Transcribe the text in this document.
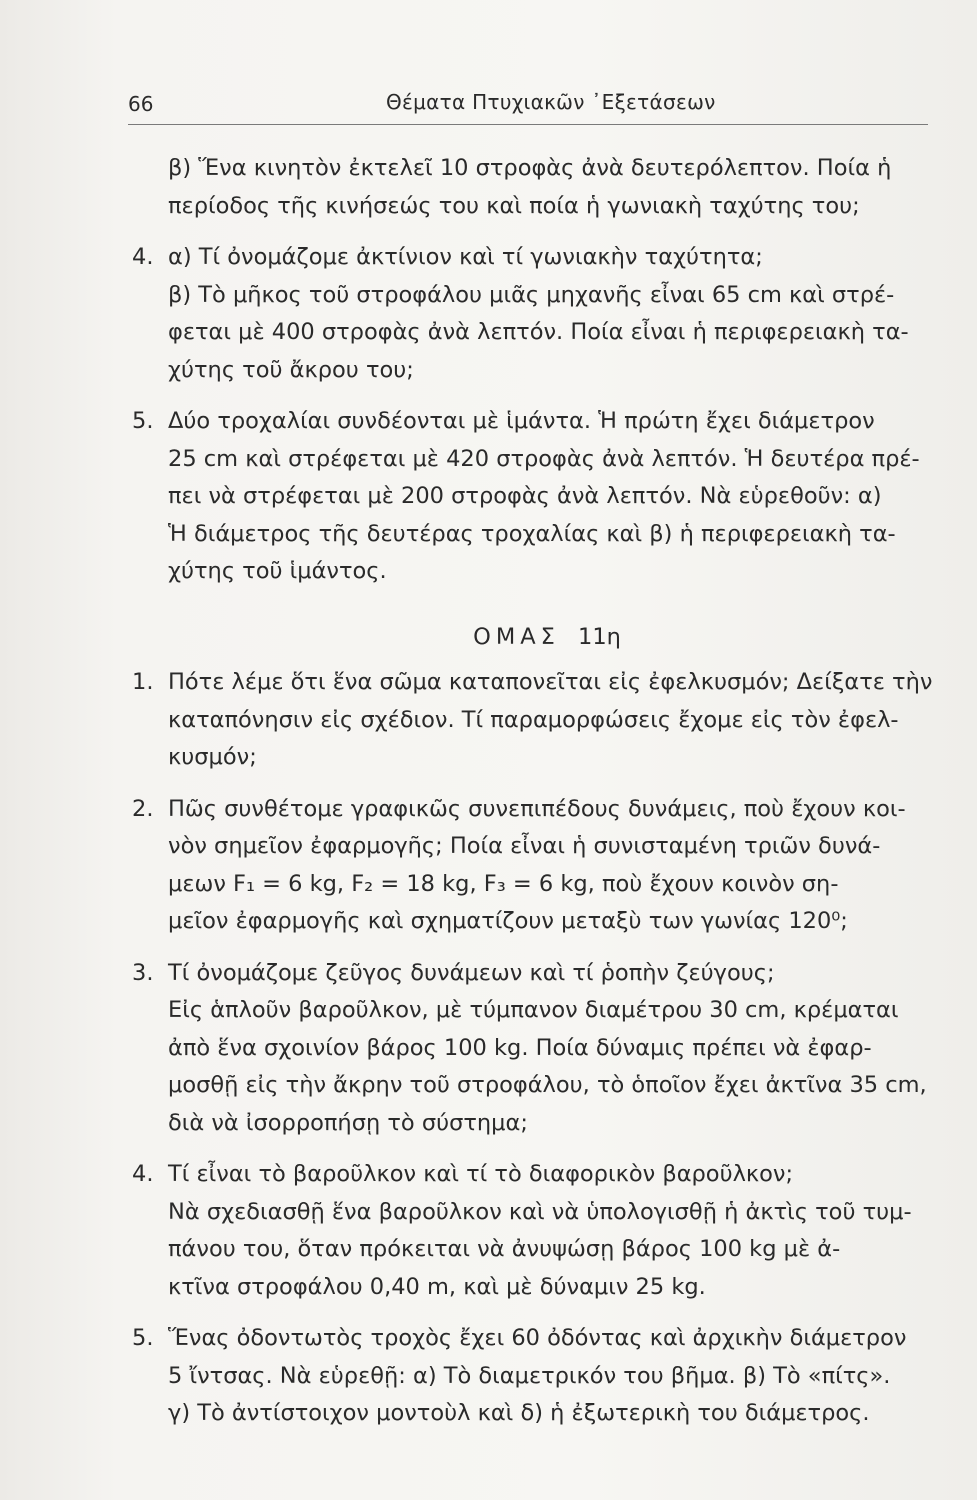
66	Θέματα Πτυχιακῶν ᾿Εξετάσεων
β) Ἕνα κινητὸν ἐκτελεῖ 10 στροφὰς ἀνὰ δευτερόλεπτον. Ποία ἡ
περίοδος τῆς κινήσεώς του καὶ ποία ἡ γωνιακὴ ταχύτης του;
4. α) Τί ὀνομάζομε ἀκτίνιον καὶ τί γωνιακὴν ταχύτητα;
β) Τὸ μῆκος τοῦ στροφάλου μιᾶς μηχανῆς εἶναι 65 cm καὶ στρέ-
φεται μὲ 400 στροφὰς ἀνὰ λεπτόν. Ποία εἶναι ἡ περιφερειακὴ τα-
χύτης τοῦ ἄκρου του;
5. Δύο τροχαλίαι συνδέονται μὲ ἱμάντα. Ἡ πρώτη ἔχει διάμετρον
25 cm καὶ στρέφεται μὲ 420 στροφὰς ἀνὰ λεπτόν. Ἡ δευτέρα πρέ-
πει νὰ στρέφεται μὲ 200 στροφὰς ἀνὰ λεπτόν. Νὰ εὑρεθοῦν: α)
Ἡ διάμετρος τῆς δευτέρας τροχαλίας καὶ β) ἡ περιφερειακὴ τα-
χύτης τοῦ ἱμάντος.
ΟΜΑΣ 11η
1. Πότε λέμε ὅτι ἕνα σῶμα καταπονεῖται εἰς ἐφελκυσμόν; Δείξατε τὴν
καταπόνησιν εἰς σχέδιον. Τί παραμορφώσεις ἔχομε εἰς τὸν ἐφελ-
κυσμόν;
2. Πῶς συνθέτομε γραφικῶς συνεπιπέδους δυνάμεις, ποὺ ἔχουν κοι-
νὸν σημεῖον ἐφαρμογῆς; Ποία εἶναι ἡ συνισταμένη τριῶν δυνά-
μεων F₁ = 6 kg, F₂ = 18 kg, F₃ = 6 kg, ποὺ ἔχουν κοινὸν ση-
μεῖον ἐφαρμογῆς καὶ σχηματίζουν μεταξὺ των γωνίας 120⁰;
3. Τί ὀνομάζομε ζεῦγος δυνάμεων καὶ τί ῥοπὴν ζεύγους;
Εἰς ἁπλοῦν βαροῦλκον, μὲ τύμπανον διαμέτρου 30 cm, κρέμαται
ἀπὸ ἕνα σχοινίον βάρος 100 kg. Ποία δύναμις πρέπει νὰ ἐφαρ-
μοσθῇ εἰς τὴν ἄκρην τοῦ στροφάλου, τὸ ὁποῖον ἔχει ἀκτῖνα 35 cm,
διὰ νὰ ἰσορροπήσῃ τὸ σύστημα;
4. Τί εἶναι τὸ βαροῦλκον καὶ τί τὸ διαφορικὸν βαροῦλκον;
Νὰ σχεδιασθῇ ἕνα βαροῦλκον καὶ νὰ ὑπολογισθῇ ἡ ἀκτὶς τοῦ τυμ-
πάνου του, ὅταν πρόκειται νὰ ἀνυψώσῃ βάρος 100 kg μὲ ἀ-
κτῖνα στροφάλου 0,40 m, καὶ μὲ δύναμιν 25 kg.
5. Ἕνας ὀδοντωτὸς τροχὸς ἔχει 60 ὀδόντας καὶ ἀρχικὴν διάμετρον
5 ἴντσας. Νὰ εὑρεθῇ: α) Τὸ διαμετρικόν του βῆμα. β) Τὸ «πίτς».
γ) Τὸ ἀντίστοιχον μοντοὺλ καὶ δ) ἡ ἐξωτερικὴ του διάμετρος.
